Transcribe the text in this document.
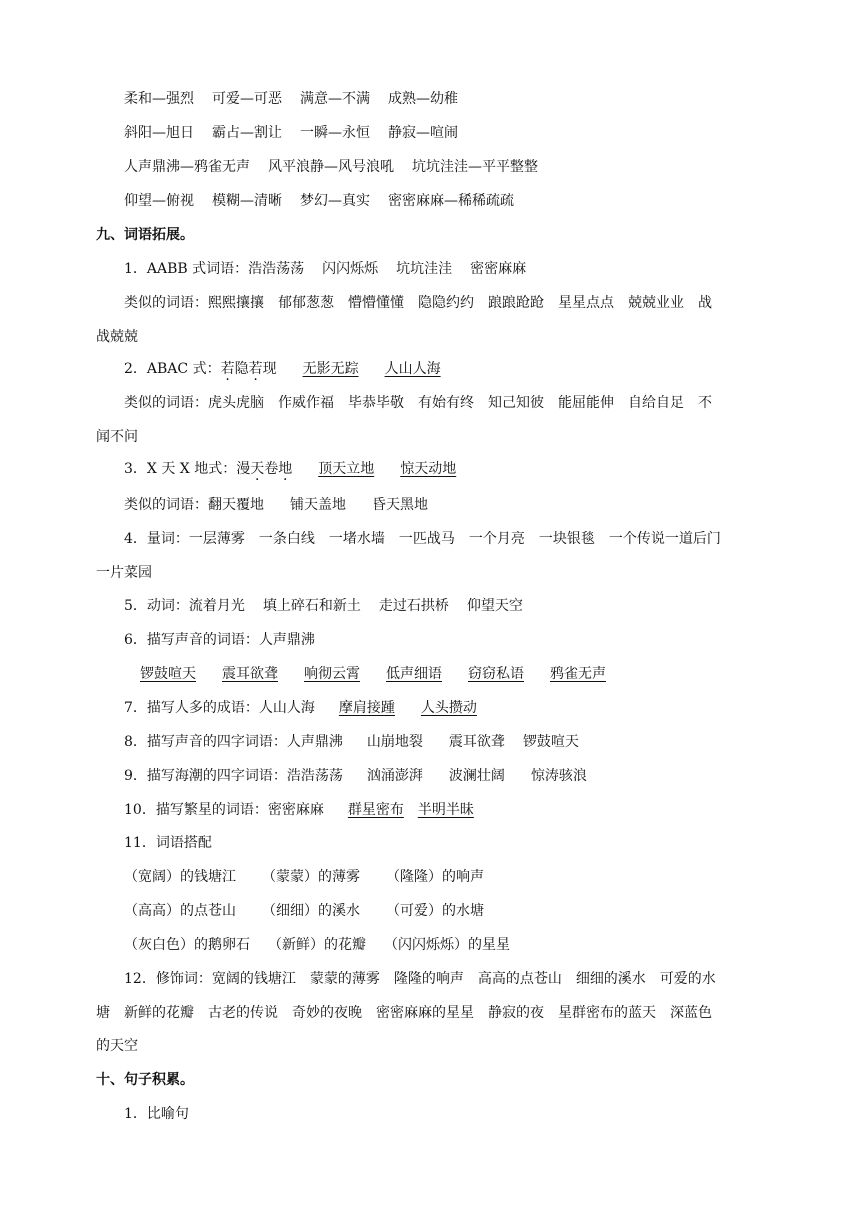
柔和—强烈 可爱—可恶 满意—不满 成熟—幼稚
斜阳—旭日 霸占—割让 一瞬—永恒 静寂—喧闹
人声鼎沸—鸦雀无声 风平浪静—风号浪吼 坑坑洼洼—平平整整
仰望—俯视 模糊—清晰 梦幻—真实 密密麻麻—稀稀疏疏
九、词语拓展。
1．AABB 式词语：浩浩荡荡 闪闪烁烁 坑坑洼洼 密密麻麻
类似的词语：熙熙攘攘　郁郁葱葱　懵懵懂懂　隐隐约约　踉踉跄跄　星星点点　兢兢业业　战
战兢兢
2．ABAC 式：若隐若现 无影无踪 人山人海
类似的词语：虎头虎脑　作威作福　毕恭毕敬　有始有终　知己知彼　能屈能伸　自给自足　不
闻不问
3．X 天 X 地式：漫天卷地 顶天立地 惊天动地
类似的词语：翻天覆地 铺天盖地 昏天黑地
4．量词：一层薄雾　一条白线　一堵水墙　一匹战马　一个月亮　一块银毯　一个传说一道后门
一片菜园
5．动词：流着月光 填上碎石和新土 走过石拱桥 仰望天空
6．描写声音的词语：人声鼎沸
锣鼓喧天 震耳欲聋 响彻云霄 低声细语 窃窃私语 鸦雀无声
7．描写人多的成语：人山人海 摩肩接踵 人头攒动
8．描写声音的四字词语：人声鼎沸 山崩地裂 震耳欲聋 锣鼓喧天
9．描写海潮的四字词语：浩浩荡荡 汹涌澎湃 波澜壮阔 惊涛骇浪
10．描写繁星的词语：密密麻麻 群星密布 半明半昧
11．词语搭配
（宽阔）的钱塘江 （蒙蒙）的薄雾 （隆隆）的响声
（高高）的点苍山 （细细）的溪水 （可爱）的水塘
（灰白色）的鹅卵石 （新鲜）的花瓣 （闪闪烁烁）的星星
12．修饰词：宽阔的钱塘江　蒙蒙的薄雾　隆隆的响声　高高的点苍山　细细的溪水　可爱的水
塘　新鲜的花瓣　古老的传说　奇妙的夜晚　密密麻麻的星星　静寂的夜　星群密布的蓝天　深蓝色
的天空
十、句子积累。
1．比喻句
